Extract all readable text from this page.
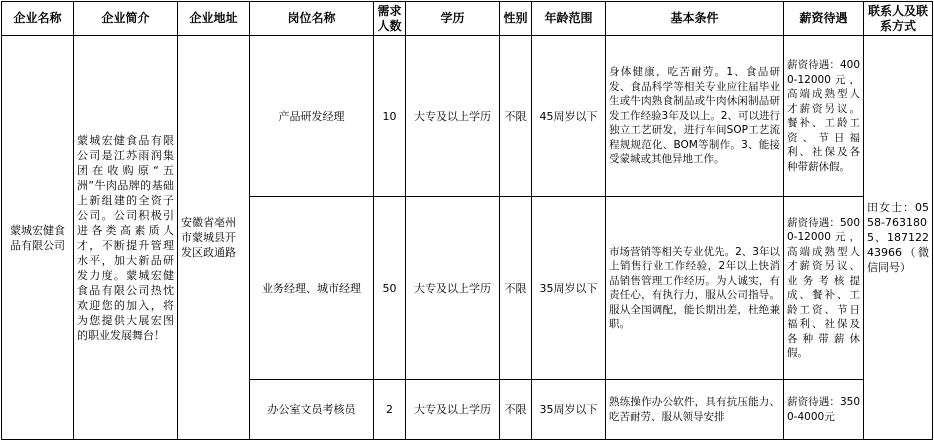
企业名称	企业简介	企业地址	岗位名称	需求人数	学历	性别	年龄范围	基本条件	薪资待遇	联系人及联系方式
蒙城宏健食品有限公司	蒙城宏健食品有限公司是江苏雨润集团在收购原“五洲”牛肉品牌的基础上新组建的全资子公司。公司积极引进各类高素质人才，不断提升管理水平，加大新品研发力度。蒙城宏健食品有限公司热忱欢迎您的加入，将为您提供大展宏图的职业发展舞台！	安徽省亳州市蒙城县开发区政通路	产品研发经理	10	大专及以上学历	不限	45周岁以下	身体健康，吃苦耐劳。1、食品研发、食品科学等相关专业应往届毕业生或牛肉熟食制品或牛肉休闲制品研发工作经验3年及以上。2、可以进行独立工艺研发，进行车间SOP工艺流程规规范化、BOM等制作。3、能接受蒙城或其他异地工作。	薪资待遇：4000-12000元，高端成熟型人才薪资另议。餐补、工龄工资、节日福利、社保及各种带薪休假。	田女士：0558-7631805、18712243966（微信同号）
			业务经理、城市经理	50	大专及以上学历	不限	35周岁以下	市场营销等相关专业优先。2、3年以上销售行业工作经验，2年以上快消品销售管理工作经历。为人诚实，有责任心，有执行力，服从公司指导。服从全国调配，能长期出差，杜绝兼职。	薪资待遇：5000-12000元，高端成熟型人才薪资另议、业务考核提成、餐补、工龄工资、节日福利、社保及各种带薪休假。	
			办公室文员考核员	2	大专及以上学历	不限	35周岁以下	熟练操作办公软件，具有抗压能力、吃苦耐劳、服从领导安排	薪资待遇：3500-4000元	
